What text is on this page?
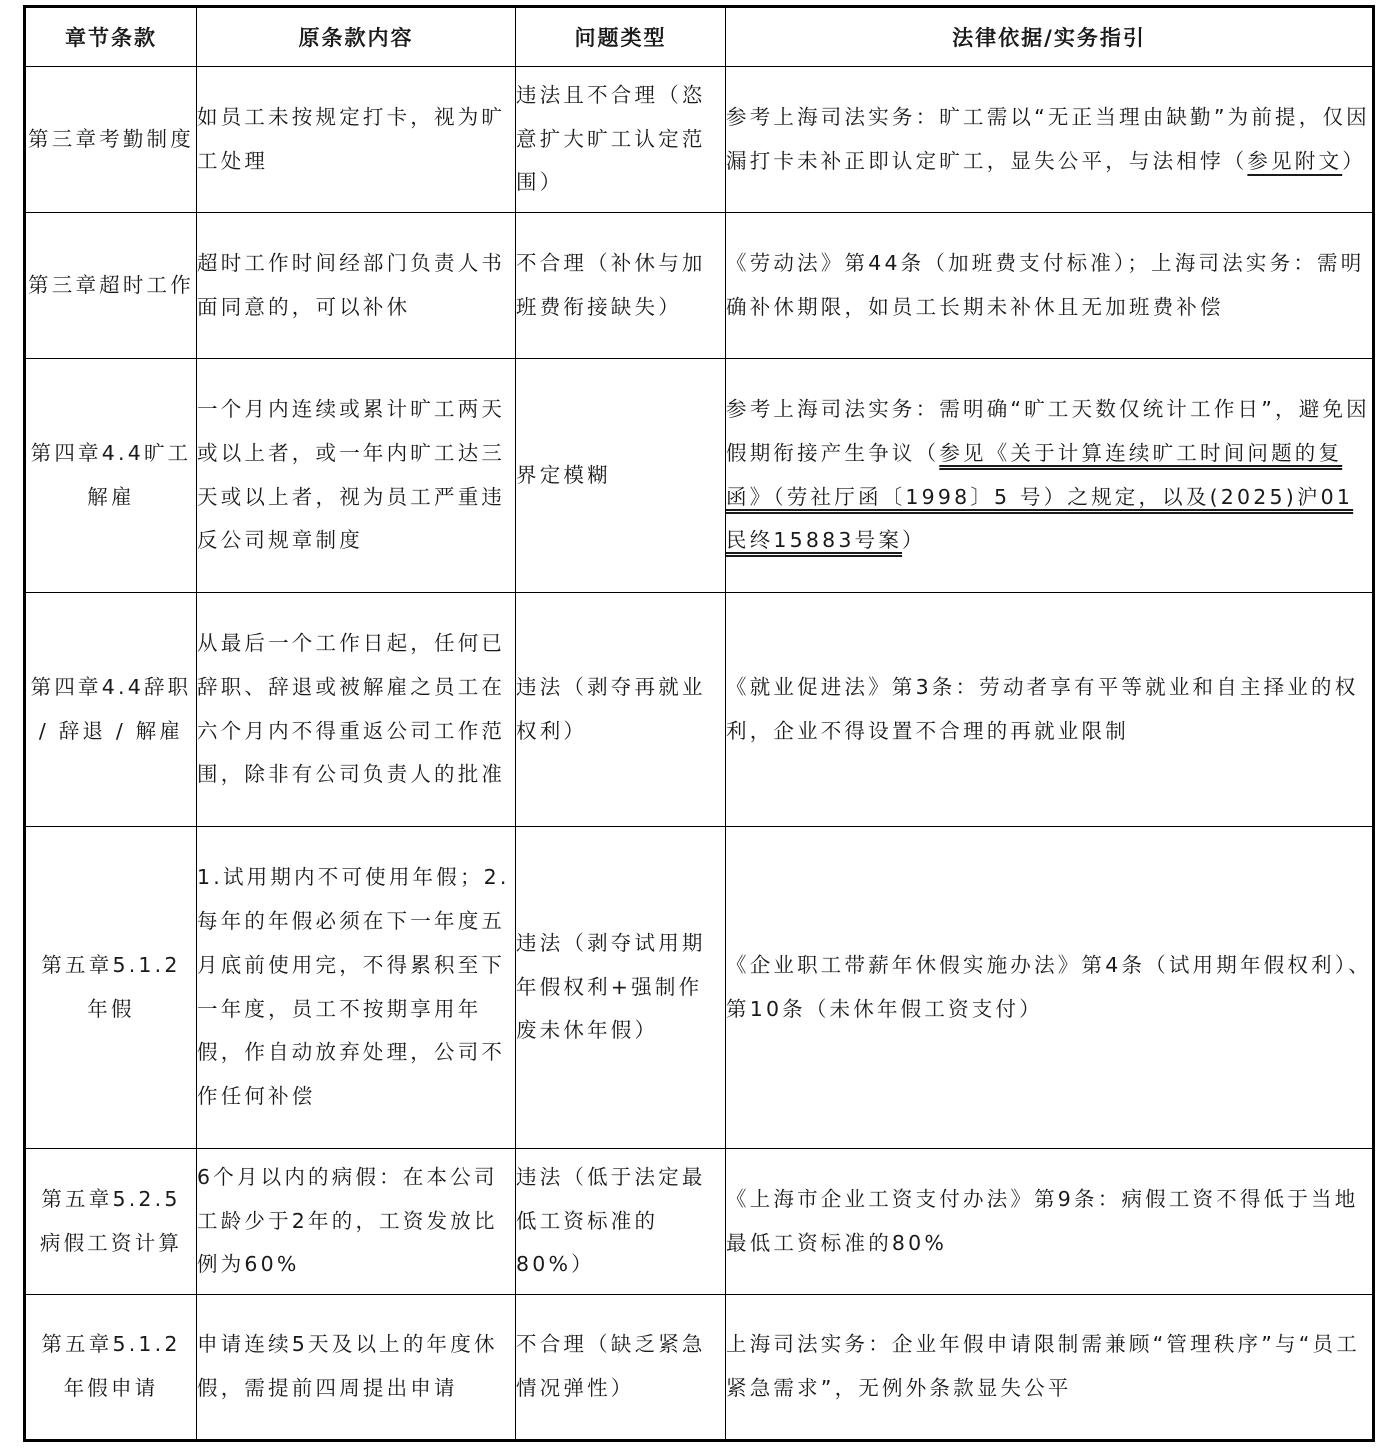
章节条款	原条款内容	问题类型	法律依据/实务指引
第三章考勤制度	如员工未按规定打卡，视为旷工处理	违法且不合理（恣意扩大旷工认定范围）	参考上海司法实务：旷工需以“无正当理由缺勤”为前提，仅因漏打卡未补正即认定旷工，显失公平，与法相悖（参见附文）
第三章超时工作	超时工作时间经部门负责人书面同意的，可以补休	不合理（补休与加班费衔接缺失）	《劳动法》第44条（加班费支付标准）；上海司法实务：需明确补休期限，如员工长期未补休且无加班费补偿
第四章4.4旷工解雇	一个月内连续或累计旷工两天或以上者，或一年内旷工达三天或以上者，视为员工严重违反公司规章制度	界定模糊	参考上海司法实务：需明确“旷工天数仅统计工作日”，避免因假期衔接产生争议（参见《关于计算连续旷工时间问题的复函》（劳社厅函〔1998〕5 号）之规定，以及(2025)沪01民终15883号案）
第四章4.4辞职 / 辞退 / 解雇	从最后一个工作日起，任何已辞职、辞退或被解雇之员工在六个月内不得重返公司工作范围，除非有公司负责人的批准	违法（剥夺再就业权利）	《就业促进法》第3条：劳动者享有平等就业和自主择业的权利，企业不得设置不合理的再就业限制
第五章5.1.2 年假	1.试用期内不可使用年假；2.每年的年假必须在下一年度五月底前使用完，不得累积至下一年度，员工不按期享用年假，作自动放弃处理，公司不作任何补偿	违法（剥夺试用期年假权利+强制作废未休年假）	《企业职工带薪年休假实施办法》第4条（试用期年假权利）、第10条（未休年假工资支付）
第五章5.2.5 病假工资计算	6个月以内的病假：在本公司工龄少于2年的，工资发放比例为60%	违法（低于法定最低工资标准的80%）	《上海市企业工资支付办法》第9条：病假工资不得低于当地最低工资标准的80%
第五章5.1.2 年假申请	申请连续5天及以上的年度休假，需提前四周提出申请	不合理（缺乏紧急情况弹性）	上海司法实务：企业年假申请限制需兼顾“管理秩序”与“员工紧急需求”，无例外条款显失公平
